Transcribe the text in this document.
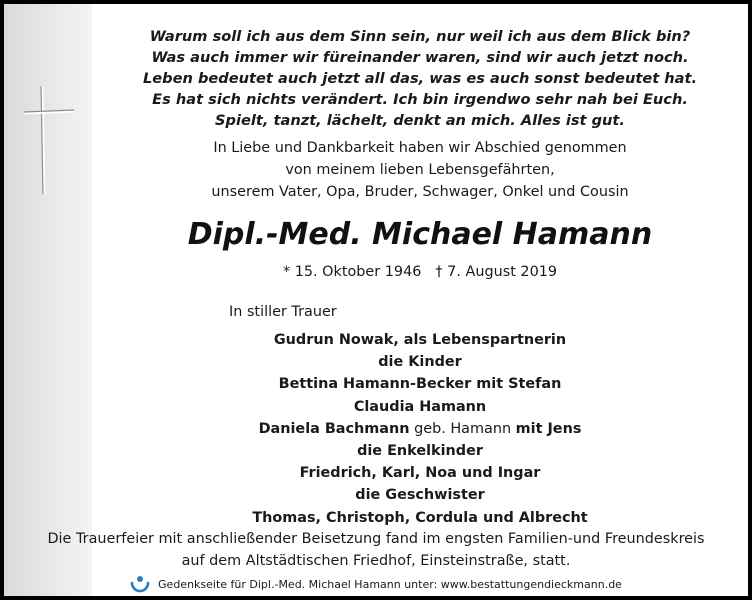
Warum soll ich aus dem Sinn sein, nur weil ich aus dem Blick bin?
Was auch immer wir füreinander waren, sind wir auch jetzt noch.
Leben bedeutet auch jetzt all das, was es auch sonst bedeutet hat.
Es hat sich nichts verändert. Ich bin irgendwo sehr nah bei Euch.
Spielt, tanzt, lächelt, denkt an mich. Alles ist gut.
In Liebe und Dankbarkeit haben wir Abschied genommen
von meinem lieben Lebensgefährten,
unserem Vater, Opa, Bruder, Schwager, Onkel und Cousin
Dipl.-Med. Michael Hamann
* 15. Oktober 1946 † 7. August 2019
In stiller Trauer
Gudrun Nowak, als Lebenspartnerin
die Kinder
Bettina Hamann-Becker mit Stefan
Claudia Hamann
Daniela Bachmann geb. Hamann mit Jens
die Enkelkinder
Friedrich, Karl, Noa und Ingar
die Geschwister
Thomas, Christoph, Cordula und Albrecht
Die Trauerfeier mit anschließender Beisetzung fand im engsten Familien-und Freundeskreis
auf dem Altstädtischen Friedhof, Einsteinstraße, statt.
Gedenkseite für Dipl.-Med. Michael Hamann unter: www.bestattungendieckmann.de
